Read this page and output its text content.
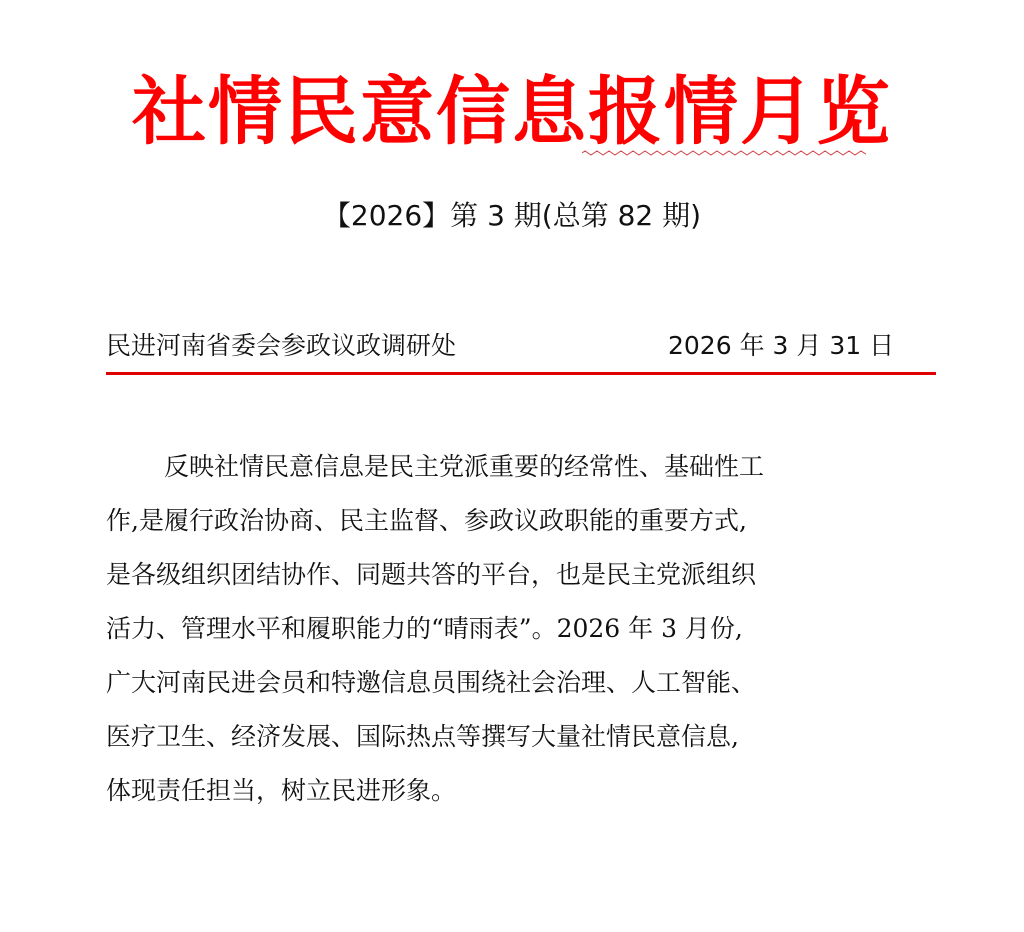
社情民意信息报情月览
【2026】第 3 期(总第 82 期)
民进河南省委会参政议政调研处	2026 年 3 月 31 日
反映社情民意信息是民主党派重要的经常性、基础性工
作,是履行政治协商、民主监督、参政议政职能的重要方式,
是各级组织团结协作、同题共答的平台，也是民主党派组织
活力、管理水平和履职能力的“晴雨表”。2026 年 3 月份,
广大河南民进会员和特邀信息员围绕社会治理、人工智能、
医疗卫生、经济发展、国际热点等撰写大量社情民意信息,
体现责任担当，树立民进形象。
